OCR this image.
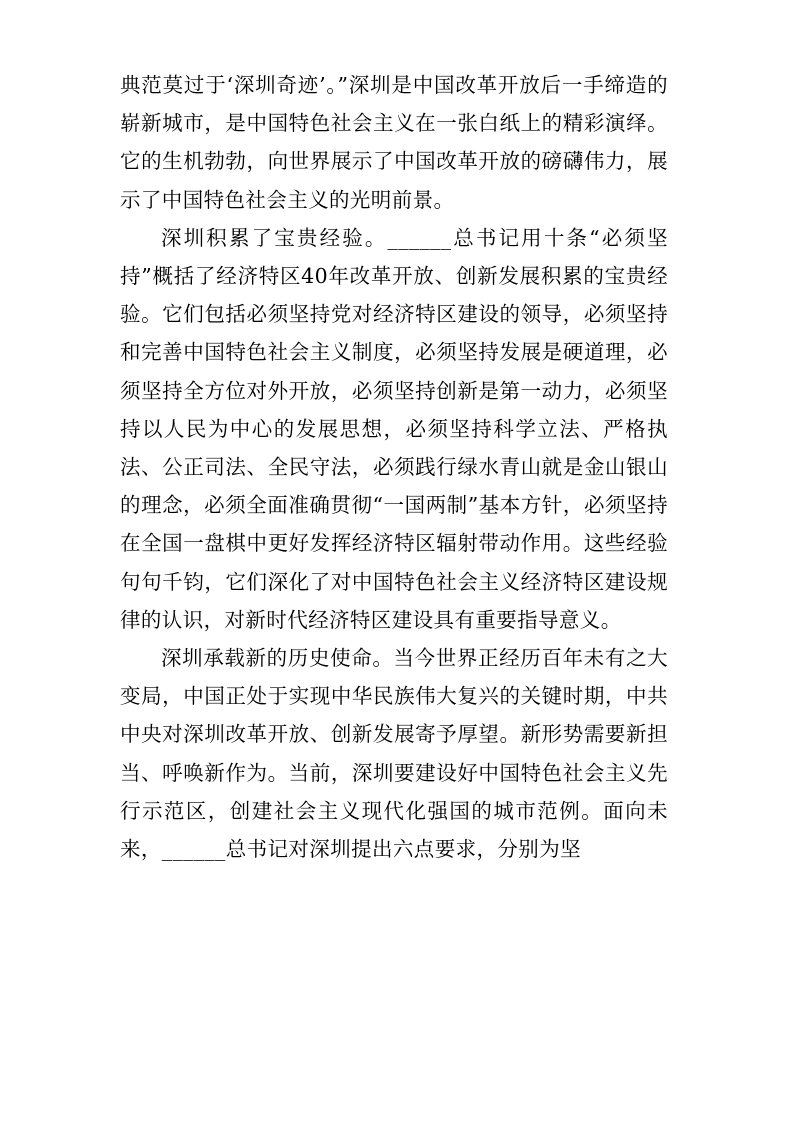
典范莫过于‘深圳奇迹’。”深圳是中国改革开放后一手缔造的崭新城市，是中国特色社会主义在一张白纸上的精彩演绎。它的生机勃勃，向世界展示了中国改革开放的磅礴伟力，展示了中国特色社会主义的光明前景。

深圳积累了宝贵经验。______总书记用十条“必须坚持”概括了经济特区40年改革开放、创新发展积累的宝贵经验。它们包括必须坚持党对经济特区建设的领导，必须坚持和完善中国特色社会主义制度，必须坚持发展是硬道理，必须坚持全方位对外开放，必须坚持创新是第一动力，必须坚持以人民为中心的发展思想，必须坚持科学立法、严格执法、公正司法、全民守法，必须践行绿水青山就是金山银山的理念，必须全面准确贯彻“一国两制”基本方针，必须坚持在全国一盘棋中更好发挥经济特区辐射带动作用。这些经验句句千钧，它们深化了对中国特色社会主义经济特区建设规律的认识，对新时代经济特区建设具有重要指导意义。

深圳承载新的历史使命。当今世界正经历百年未有之大变局，中国正处于实现中华民族伟大复兴的关键时期，中共中央对深圳改革开放、创新发展寄予厚望。新形势需要新担当、呼唤新作为。当前，深圳要建设好中国特色社会主义先行示范区，创建社会主义现代化强国的城市范例。面向未来，______总书记对深圳提出六点要求，分别为坚
